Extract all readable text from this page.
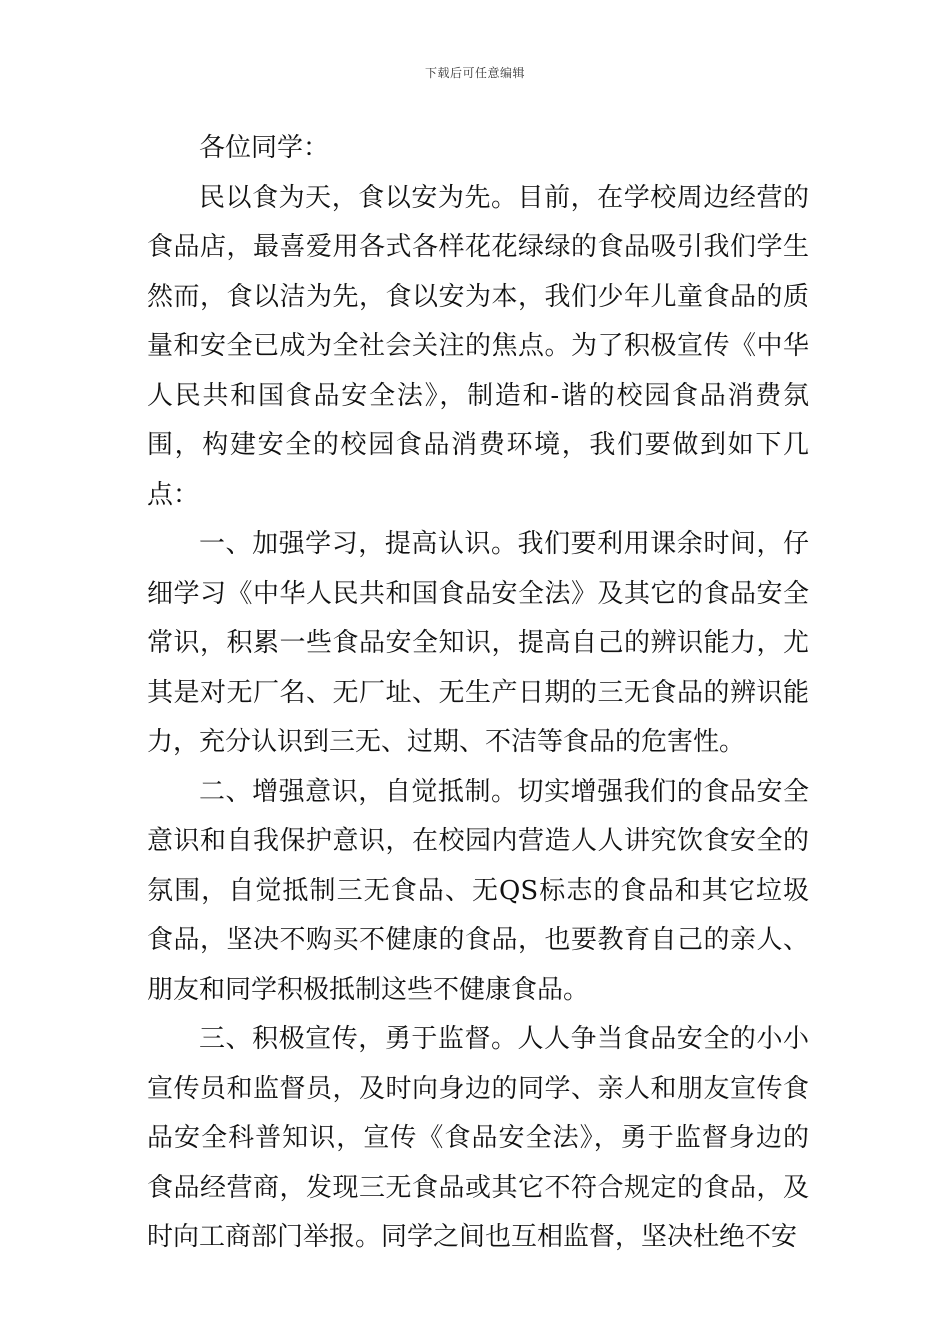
下载后可任意编辑

各位同学：

民以食为天，食以安为先。目前，在学校周边经营的食品店，最喜爱用各式各样花花绿绿的食品吸引我们学生然而，食以洁为先，食以安为本，我们少年儿童食品的质量和安全已成为全社会关注的焦点。为了积极宣传《中华人民共和国食品安全法》，制造和-谐的校园食品消费氛围，构建安全的校园食品消费环境，我们要做到如下几点：

一、加强学习，提高认识。我们要利用课余时间，仔细学习《中华人民共和国食品安全法》及其它的食品安全常识，积累一些食品安全知识，提高自己的辨识能力，尤其是对无厂名、无厂址、无生产日期的三无食品的辨识能力，充分认识到三无、过期、不洁等食品的危害性。

二、增强意识，自觉抵制。切实增强我们的食品安全意识和自我保护意识，在校园内营造人人讲究饮食安全的氛围，自觉抵制三无食品、无QS标志的食品和其它垃圾食品，坚决不购买不健康的食品，也要教育自己的亲人、朋友和同学积极抵制这些不健康食品。

三、积极宣传，勇于监督。人人争当食品安全的小小宣传员和监督员，及时向身边的同学、亲人和朋友宣传食品安全科普知识，宣传《食品安全法》，勇于监督身边的食品经营商，发现三无食品或其它不符合规定的食品，及时向工商部门举报。同学之间也互相监督，坚决杜绝不安
